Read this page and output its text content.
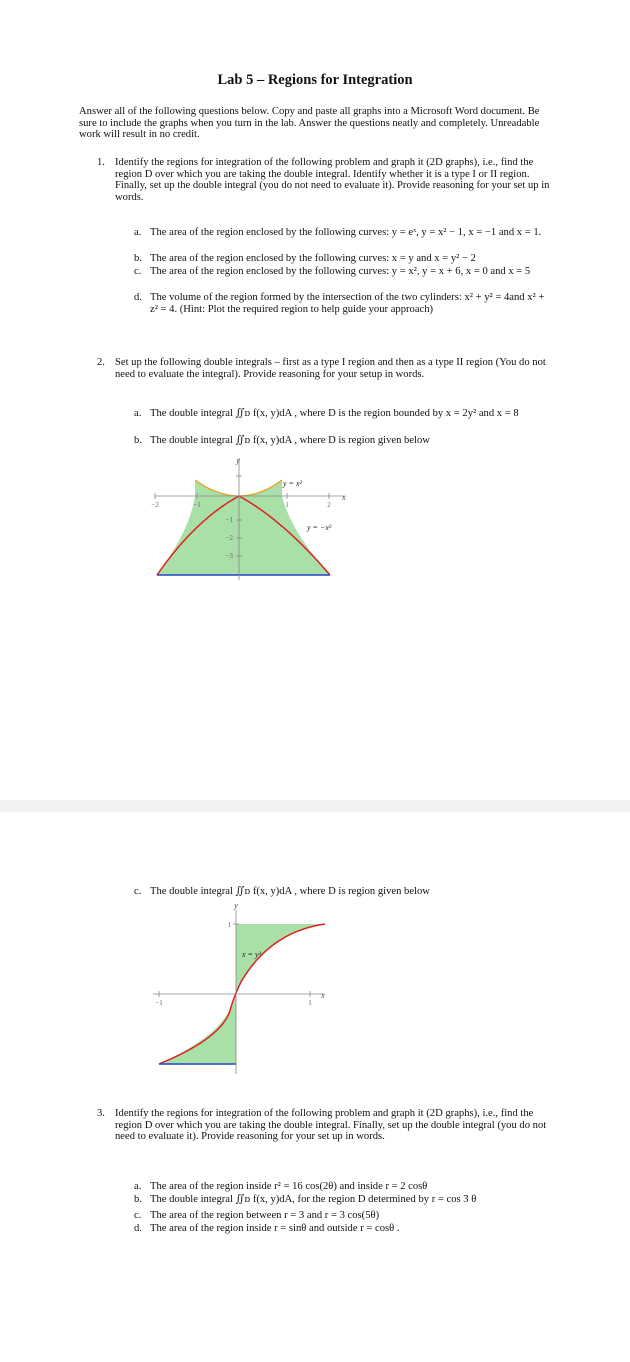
Lab 5 – Regions for Integration
Answer all of the following questions below. Copy and paste all graphs into a Microsoft Word document. Be sure to include the graphs when you turn in the lab. Answer the questions neatly and completely. Unreadable work will result in no credit.
1. Identify the regions for integration of the following problem and graph it (2D graphs), i.e., find the region D over which you are taking the double integral. Identify whether it is a type I or II region. Finally, set up the double integral (you do not need to evaluate it). Provide reasoning for your set up in words.
a. The area of the region enclosed by the following curves: y = eˣ, y = x² − 1, x = −1 and x = 1.
b. The area of the region enclosed by the following curves: x = y and x = y² − 2
c. The area of the region enclosed by the following curves: y = x², y = x + 6, x = 0 and x = 5
d. The volume of the region formed by the intersection of the two cylinders: x² + y² = 4and x² + z² = 4. (Hint: Plot the required region to help guide your approach)
2. Set up the following double integrals – first as a type I region and then as a type II region (You do not need to evaluate the integral). Provide reasoning for your setup in words.
a. The double integral ∬ᴅ f(x, y)dA , where D is the region bounded by x = 2y² and x = 8
b. The double integral ∬ᴅ f(x, y)dA , where D is region given below
y
x
−2	−1	1	2
−1
−2
−3
y = x²
y = −x²
c. The double integral ∬ᴅ f(x, y)dA , where D is region given below
y
x
−1	1
1
x = y³
3. Identify the regions for integration of the following problem and graph it (2D graphs), i.e., find the region D over which you are taking the double integral. Finally, set up the double integral (you do not need to evaluate it). Provide reasoning for your set up in words.
a. The area of the region inside r² = 16 cos(2θ) and inside r = 2 cosθ
b. The double integral ∬ᴅ f(x, y)dA, for the region D determined by r = cos 3 θ
c. The area of the region between r = 3 and r = 3 cos(5θ)
d. The area of the region inside r = sinθ and outside r = cosθ .
